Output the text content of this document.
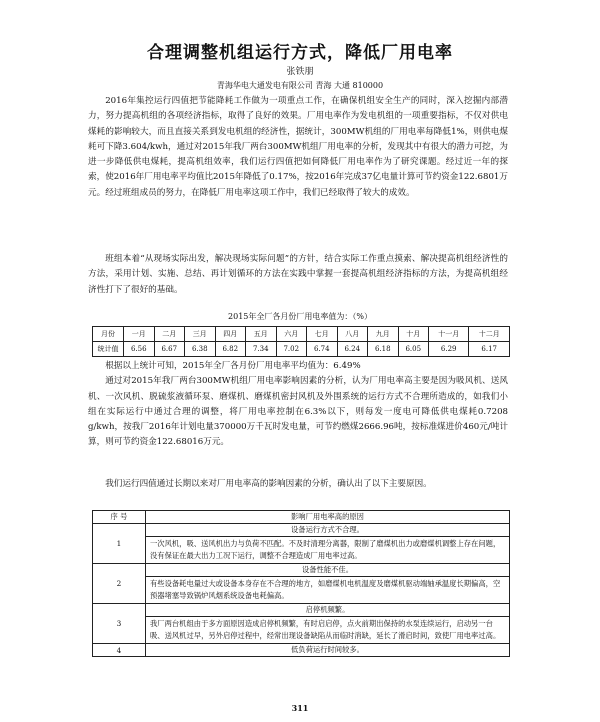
合理调整机组运行方式，降低厂用电率
张铁朋
青海华电大通发电有限公司 青海 大通 810000

2016年集控运行四值把节能降耗工作做为一项重点工作，在确保机组安全生产的同时，深入挖掘内部潜力，努力提高机组的各项经济指标，取得了良好的效果。厂用电率作为发电机组的一项重要指标，不仅对供电煤耗的影响较大，而且直接关系到发电机组的经济性，据统计，300MW机组的厂用电率每降低1%，则供电煤耗可下降3.604/kwh，通过对2015年我厂两台300MW机组厂用电率的分析，发现其中有很大的潜力可挖，为进一步降低供电煤耗，提高机组效率，我们运行四值把如何降低厂用电率作为了研究课题。经过近一年的探索，使2016年厂用电率平均值比2015年降低了0.17%，按2016年完成37亿电量计算可节约资金122.6801万元。经过班组成员的努力，在降低厂用电率这项工作中，我们已经取得了较大的成效。

班组本着“从现场实际出发，解决现场实际问题”的方针，结合实际工作重点摸索、解决提高机组经济性的方法，采用计划、实施、总结、再计划循环的方法在实践中掌握一套提高机组经济指标的方法，为提高机组经济性打下了很好的基础。

2015年全厂各月份厂用电率值为：（%）
月份	一月	二月	三月	四月	五月	六月	七月	八月	九月	十月	十一月	十二月
统计值	6.56	6.67	6.38	6.82	7.34	7.02	6.74	6.24	6.18	6.05	6.29	6.17

根据以上统计可知，2015年全厂各月份厂用电率平均值为：6.49%

通过对2015年我厂两台300MW机组厂用电率影响因素的分析，认为厂用电率高主要是因为吸风机、送风机、一次风机、脱硫浆液循环泵、磨煤机、磨煤机密封风机及外围系统的运行方式不合理所造成的，如我们小组在实际运行中通过合理的调整，将厂用电率控制在6.3%以下，则每发一度电可降低供电煤耗0.7208 g/kwh，按我厂2016年计划电量370000万千瓦时发电量，可节约燃煤2666.96吨，按标准煤进价460元/吨计算，则可节约资金122.68016万元。

我们运行四值通过长期以来对厂用电率高的影响因素的分析，确认出了以下主要原因。

序 号	影响厂用电率高的原因
1	设备运行方式不合理。
	一次风机，吸、送风机出力与负荷不匹配。不及时清理分离器，限制了磨煤机出力或磨煤机调整上存在问题，没有保证在最大出力工况下运行，调整不合理造成厂用电率过高。
2	设备性能不佳。
	有些设备耗电量过大或设备本身存在不合理的地方，如磨煤机电机温度及磨煤机驱动端轴承温度长期偏高，空预器堵塞导致锅炉风烟系统设备电耗偏高。
3	启停机频繁。
	我厂两台机组由于多方面原因造成启停机频繁，有时启启停，点火前期出保持的水泵连续运行，启动另一台吸、送风机过早，另外启停过程中，经常出现设备缺陷从而临时消缺，延长了滑启时间，致使厂用电率过高。
4	低负荷运行时间较多。
311
